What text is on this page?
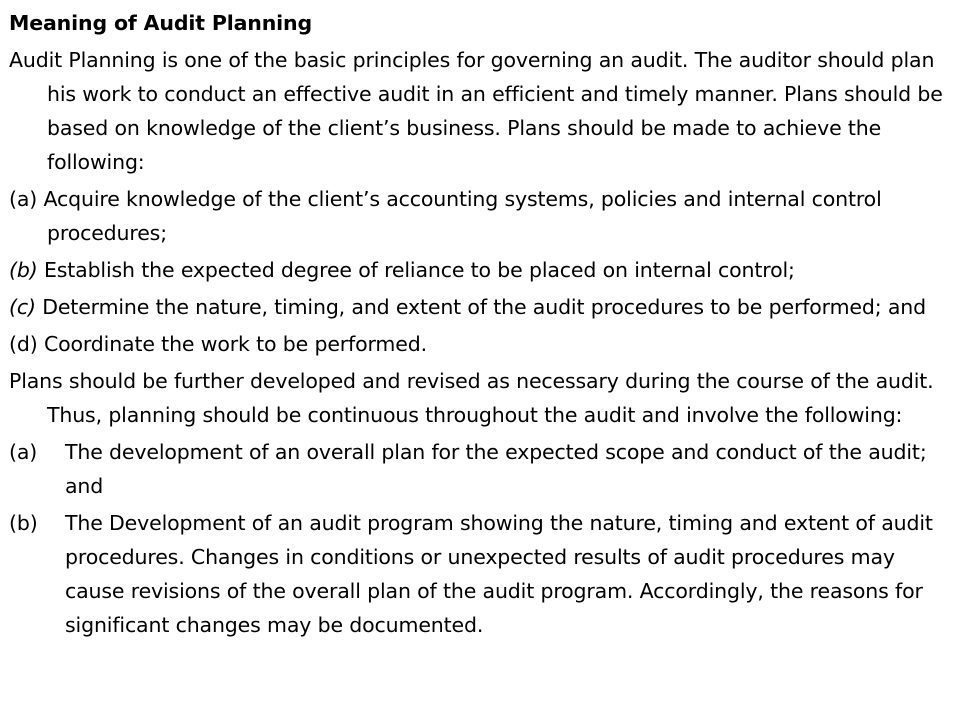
Meaning of Audit Planning
Audit Planning is one of the basic principles for governing an audit. The auditor should plan his work to conduct an effective audit in an efficient and timely manner. Plans should be based on knowledge of the client’s business. Plans should be made to achieve the following:
(a) Acquire knowledge of the client’s accounting systems, policies and internal control procedures;
(b) Establish the expected degree of reliance to be placed on internal control;
(c) Determine the nature, timing, and extent of the audit procedures to be performed; and
(d) Coordinate the work to be performed.
Plans should be further developed and revised as necessary during the course of the audit. Thus, planning should be continuous throughout the audit and involve the following:
(a)	The development of an overall plan for the expected scope and conduct of the audit; and
(b)	The Development of an audit program showing the nature, timing and extent of audit procedures. Changes in conditions or unexpected results of audit procedures may cause revisions of the overall plan of the audit program. Accordingly, the reasons for significant changes may be documented.
